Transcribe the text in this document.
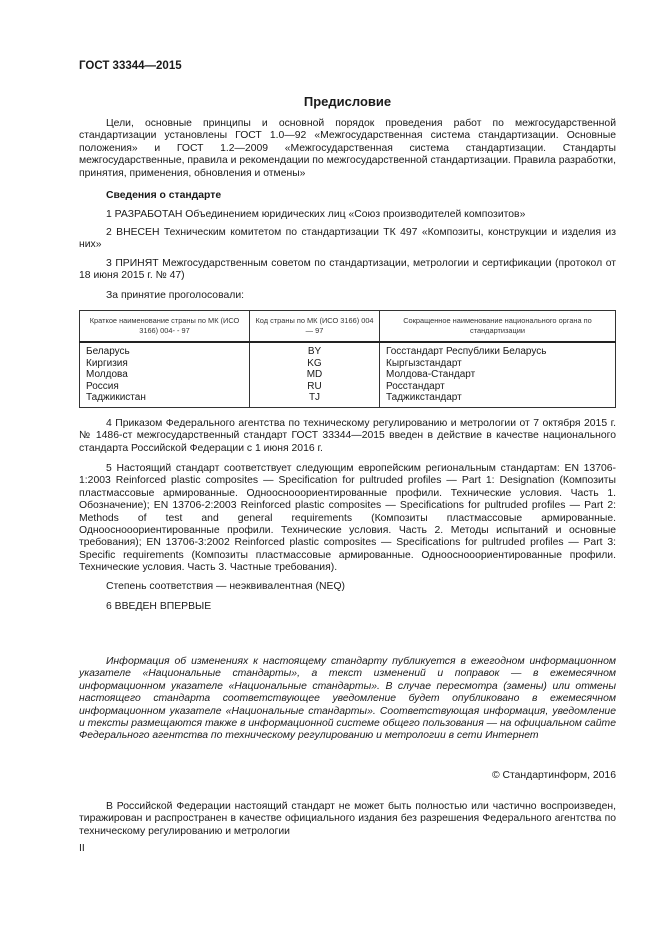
ГОСТ 33344—2015
Предисловие

Цели, основные принципы и основной порядок проведения работ по межгосударственной стандартизации установлены ГОСТ 1.0—92 «Межгосударственная система стандартизации. Основные положения» и ГОСТ 1.2—2009 «Межгосударственная система стандартизации. Стандарты межгосударственные, правила и рекомендации по межгосударственной стандартизации. Правила разработки, принятия, применения, обновления и отмены»

Сведения о стандарте

1 РАЗРАБОТАН Объединением юридических лиц «Союз производителей композитов»

2 ВНЕСЕН Техническим комитетом по стандартизации ТК 497 «Композиты, конструкции и изделия из них»

3 ПРИНЯТ Межгосударственным советом по стандартизации, метрологии и сертификации (протокол от 18 июня 2015 г. № 47)

За принятие проголосовали:

Краткое наименование страны по МК (ИСО 3166) 004- - 97	Код страны по МК (ИСО 3166) 004 — 97	Сокращенное наименование национального органа по стандартизации
Беларусь	BY	Госстандарт Республики Беларусь
Киргизия	KG	Кыргызстандарт
Молдова	MD	Молдова-Стандарт
Россия	RU	Росстандарт
Таджикистан	TJ	Таджикстандарт

4 Приказом Федерального агентства по техническому регулированию и метрологии от 7 октября 2015 г. № 1486-ст межгосударственный стандарт ГОСТ 33344—2015 введен в действие в качестве национального стандарта Российской Федерации с 1 июня 2016 г.

5 Настоящий стандарт соответствует следующим европейским региональным стандартам: EN 13706-1:2003 Reinforced plastic composites — Specification for pultruded profiles — Part 1: Designation (Композиты пластмассовые армированные. Однооснооориентированные профили. Технические условия. Часть 1. Обозначение); EN 13706-2:2003 Reinforced plastic composites — Specifications for pultruded profiles — Part 2: Methods of test and general requirements (Композиты пластмассовые армированные. Однооснооориентированные профили. Технические условия. Часть 2. Методы испытаний и основные требования); EN 13706-3:2002 Reinforced plastic composites — Specifications for pultruded profiles — Part 3: Specific requirements (Композиты пластмассовые армированные. Однооснооориентированные профили. Технические условия. Часть 3. Частные требования).

Степень соответствия — неэквивалентная (NEQ)

6 ВВЕДЕН ВПЕРВЫЕ

Информация об изменениях к настоящему стандарту публикуется в ежегодном информационном указателе «Национальные стандарты», а текст изменений и поправок — в ежемесячном информационном указателе «Национальные стандарты». В случае пересмотра (замены) или отмены настоящего стандарта соответствующее уведомление будет опубликовано в ежемесячном информационном указателе «Национальные стандарты». Соответствующая информация, уведомление и тексты размещаются также в информационной системе общего пользования — на официальном сайте Федерального агентства по техническому регулированию и метрологии в сети Интернет

© Стандартинформ, 2016

В Российской Федерации настоящий стандарт не может быть полностью или частично воспроизведен, тиражирован и распространен в качестве официального издания без разрешения Федерального агентства по техническому регулированию и метрологии

II
